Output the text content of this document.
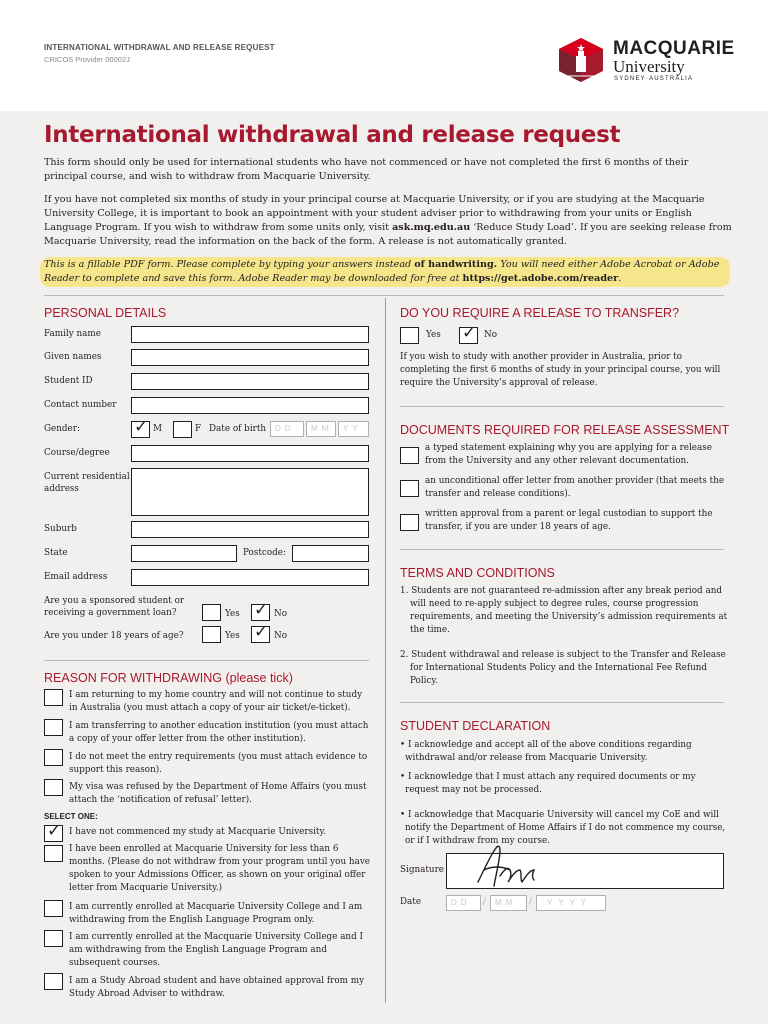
INTERNATIONAL WITHDRAWAL AND RELEASE REQUEST
CRICOS Provider 00002J
MACQUARIE
University
SYDNEY·AUSTRALIA
International withdrawal and release request
This form should only be used for international students who have not commenced or have not completed the first 6 months of their principal course, and wish to withdraw from Macquarie University.
If you have not completed six months of study in your principal course at Macquarie University, or if you are studying at the Macquarie University College, it is important to book an appointment with your student adviser prior to withdrawing from your units or English Language Program. If you wish to withdraw from some units only, visit ask.mq.edu.au ‘Reduce Study Load’. If you are seeking release from Macquarie University, read the information on the back of the form. A release is not automatically granted.
This is a fillable PDF form. Please complete by typing your answers instead of handwriting. You will need either Adobe Acrobat or Adobe Reader to complete and save this form. Adobe Reader may be downloaded for free at https://get.adobe.com/reader.
PERSONAL DETAILS
Family name
Given names
Student ID
Contact number
Gender:	✓ M	F Date of birth	DD	MM	YY
Course/degree
Current residential address
Suburb
State	Postcode:
Email address
Are you a sponsored student or receiving a government loan?	Yes ✓ No
Are you under 18 years of age?	Yes ✓ No
REASON FOR WITHDRAWING (please tick)
I am returning to my home country and will not continue to study in Australia (you must attach a copy of your air ticket/e-ticket).
I am transferring to another education institution (you must attach a copy of your offer letter from the other institution).
I do not meet the entry requirements (you must attach evidence to support this reason).
My visa was refused by the Department of Home Affairs (you must attach the ‘notification of refusal’ letter).
SELECT ONE:
✓ I have not commenced my study at Macquarie University.
I have been enrolled at Macquarie University for less than 6 months. (Please do not withdraw from your program until you have spoken to your Admissions Officer, as shown on your original offer letter from Macquarie University.)
I am currently enrolled at Macquarie University College and I am withdrawing from the English Language Program only.
I am currently enrolled at the Macquarie University College and I am withdrawing from the English Language Program and subsequent courses.
I am a Study Abroad student and have obtained approval from my Study Abroad Adviser to withdraw.
DO YOU REQUIRE A RELEASE TO TRANSFER?
Yes ✓ No
If you wish to study with another provider in Australia, prior to completing the first 6 months of study in your principal course, you will require the University’s approval of release.
DOCUMENTS REQUIRED FOR RELEASE ASSESSMENT
a typed statement explaining why you are applying for a release from the University and any other relevant documentation.
an unconditional offer letter from another provider (that meets the transfer and release conditions).
written approval from a parent or legal custodian to support the transfer, if you are under 18 years of age.
TERMS AND CONDITIONS
1. Students are not guaranteed re-admission after any break period and will need to re-apply subject to degree rules, course progression requirements, and meeting the University’s admission requirements at the time.
2. Student withdrawal and release is subject to the Transfer and Release for International Students Policy and the International Fee Refund Policy.
STUDENT DECLARATION
• I acknowledge and accept all of the above conditions regarding withdrawal and/or release from Macquarie University.
• I acknowledge that I must attach any required documents or my request may not be processed.
• I acknowledge that Macquarie University will cancel my CoE and will notify the Department of Home Affairs if I do not commence my course, or if I withdraw from my course.
Signature
Date	DD	/	MM	/	YYYY
